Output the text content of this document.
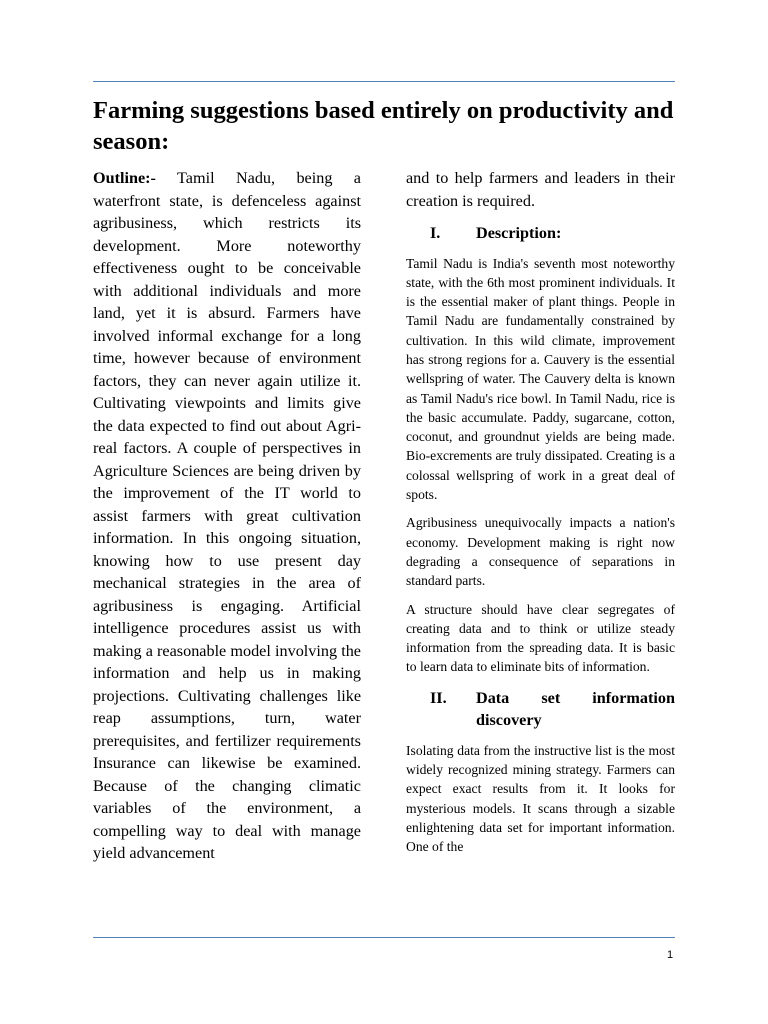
Farming suggestions based entirely on productivity and season:

Outline:- Tamil Nadu, being a waterfront state, is defenceless against agribusiness, which restricts its development. More noteworthy effectiveness ought to be conceivable with additional individuals and more land, yet it is absurd. Farmers have involved informal exchange for a long time, however because of environment factors, they can never again utilize it. Cultivating viewpoints and limits give the data expected to find out about Agri-real factors. A couple of perspectives in Agriculture Sciences are being driven by the improvement of the IT world to assist farmers with great cultivation information. In this ongoing situation, knowing how to use present day mechanical strategies in the area of agribusiness is engaging. Artificial intelligence procedures assist us with making a reasonable model involving the information and help us in making projections. Cultivating challenges like reap assumptions, turn, water prerequisites, and fertilizer requirements Insurance can likewise be examined. Because of the changing climatic variables of the environment, a compelling way to deal with manage yield advancement

and to help farmers and leaders in their creation is required.

I.	Description:

Tamil Nadu is India's seventh most noteworthy state, with the 6th most prominent individuals. It is the essential maker of plant things. People in Tamil Nadu are fundamentally constrained by cultivation. In this wild climate, improvement has strong regions for a. Cauvery is the essential wellspring of water. The Cauvery delta is known as Tamil Nadu's rice bowl. In Tamil Nadu, rice is the basic accumulate. Paddy, sugarcane, cotton, coconut, and groundnut yields are being made. Bio-excrements are truly dissipated. Creating is a colossal wellspring of work in a great deal of spots.

Agribusiness unequivocally impacts a nation's economy. Development making is right now degrading a consequence of separations in standard parts.

A structure should have clear segregates of creating data and to think or utilize steady information from the spreading data. It is basic to learn data to eliminate bits of information.

II.	Data set information discovery

Isolating data from the instructive list is the most widely recognized mining strategy. Farmers can expect exact results from it. It looks for mysterious models. It scans through a sizable enlightening data set for important information. One of the

1
